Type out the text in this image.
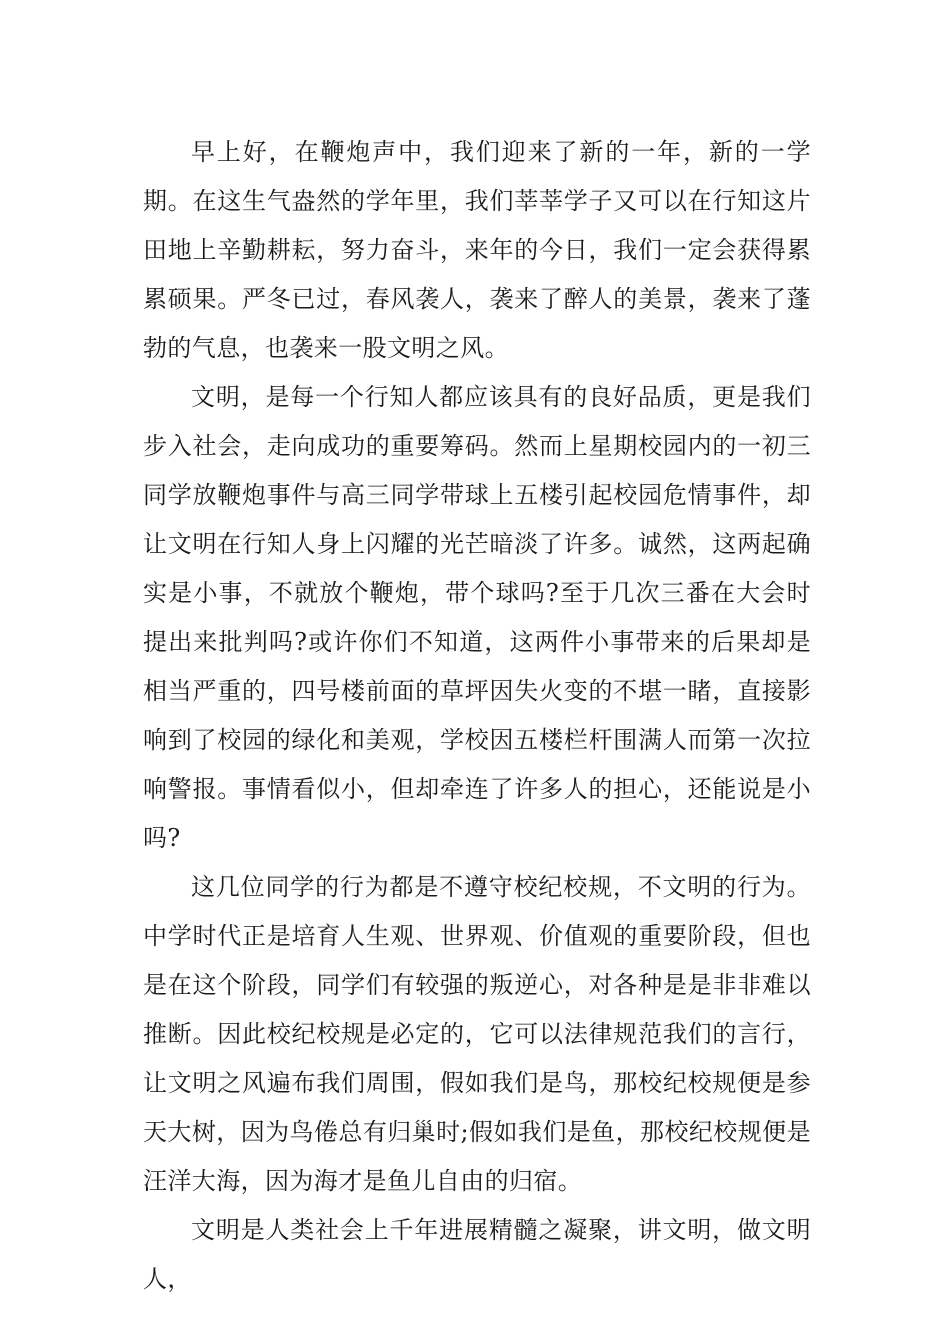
早上好，在鞭炮声中，我们迎来了新的一年，新的一学期。在这生气盎然的学年里，我们莘莘学子又可以在行知这片田地上辛勤耕耘，努力奋斗，来年的今日，我们一定会获得累累硕果。严冬已过，春风袭人，袭来了醉人的美景，袭来了蓬勃的气息，也袭来一股文明之风。

文明，是每一个行知人都应该具有的良好品质，更是我们步入社会，走向成功的重要筹码。然而上星期校园内的一初三同学放鞭炮事件与高三同学带球上五楼引起校园危情事件，却让文明在行知人身上闪耀的光芒暗淡了许多。诚然，这两起确实是小事，不就放个鞭炮，带个球吗?至于几次三番在大会时提出来批判吗?或许你们不知道，这两件小事带来的后果却是相当严重的，四号楼前面的草坪因失火变的不堪一睹，直接影响到了校园的绿化和美观，学校因五楼栏杆围满人而第一次拉响警报。事情看似小，但却牵连了许多人的担心，还能说是小吗?

这几位同学的行为都是不遵守校纪校规，不文明的行为。中学时代正是培育人生观、世界观、价值观的重要阶段，但也是在这个阶段，同学们有较强的叛逆心，对各种是是非非难以推断。因此校纪校规是必定的，它可以法律规范我们的言行，让文明之风遍布我们周围，假如我们是鸟，那校纪校规便是参天大树，因为鸟倦总有归巢时;假如我们是鱼，那校纪校规便是汪洋大海，因为海才是鱼儿自由的归宿。

文明是人类社会上千年进展精髓之凝聚，讲文明，做文明人，
